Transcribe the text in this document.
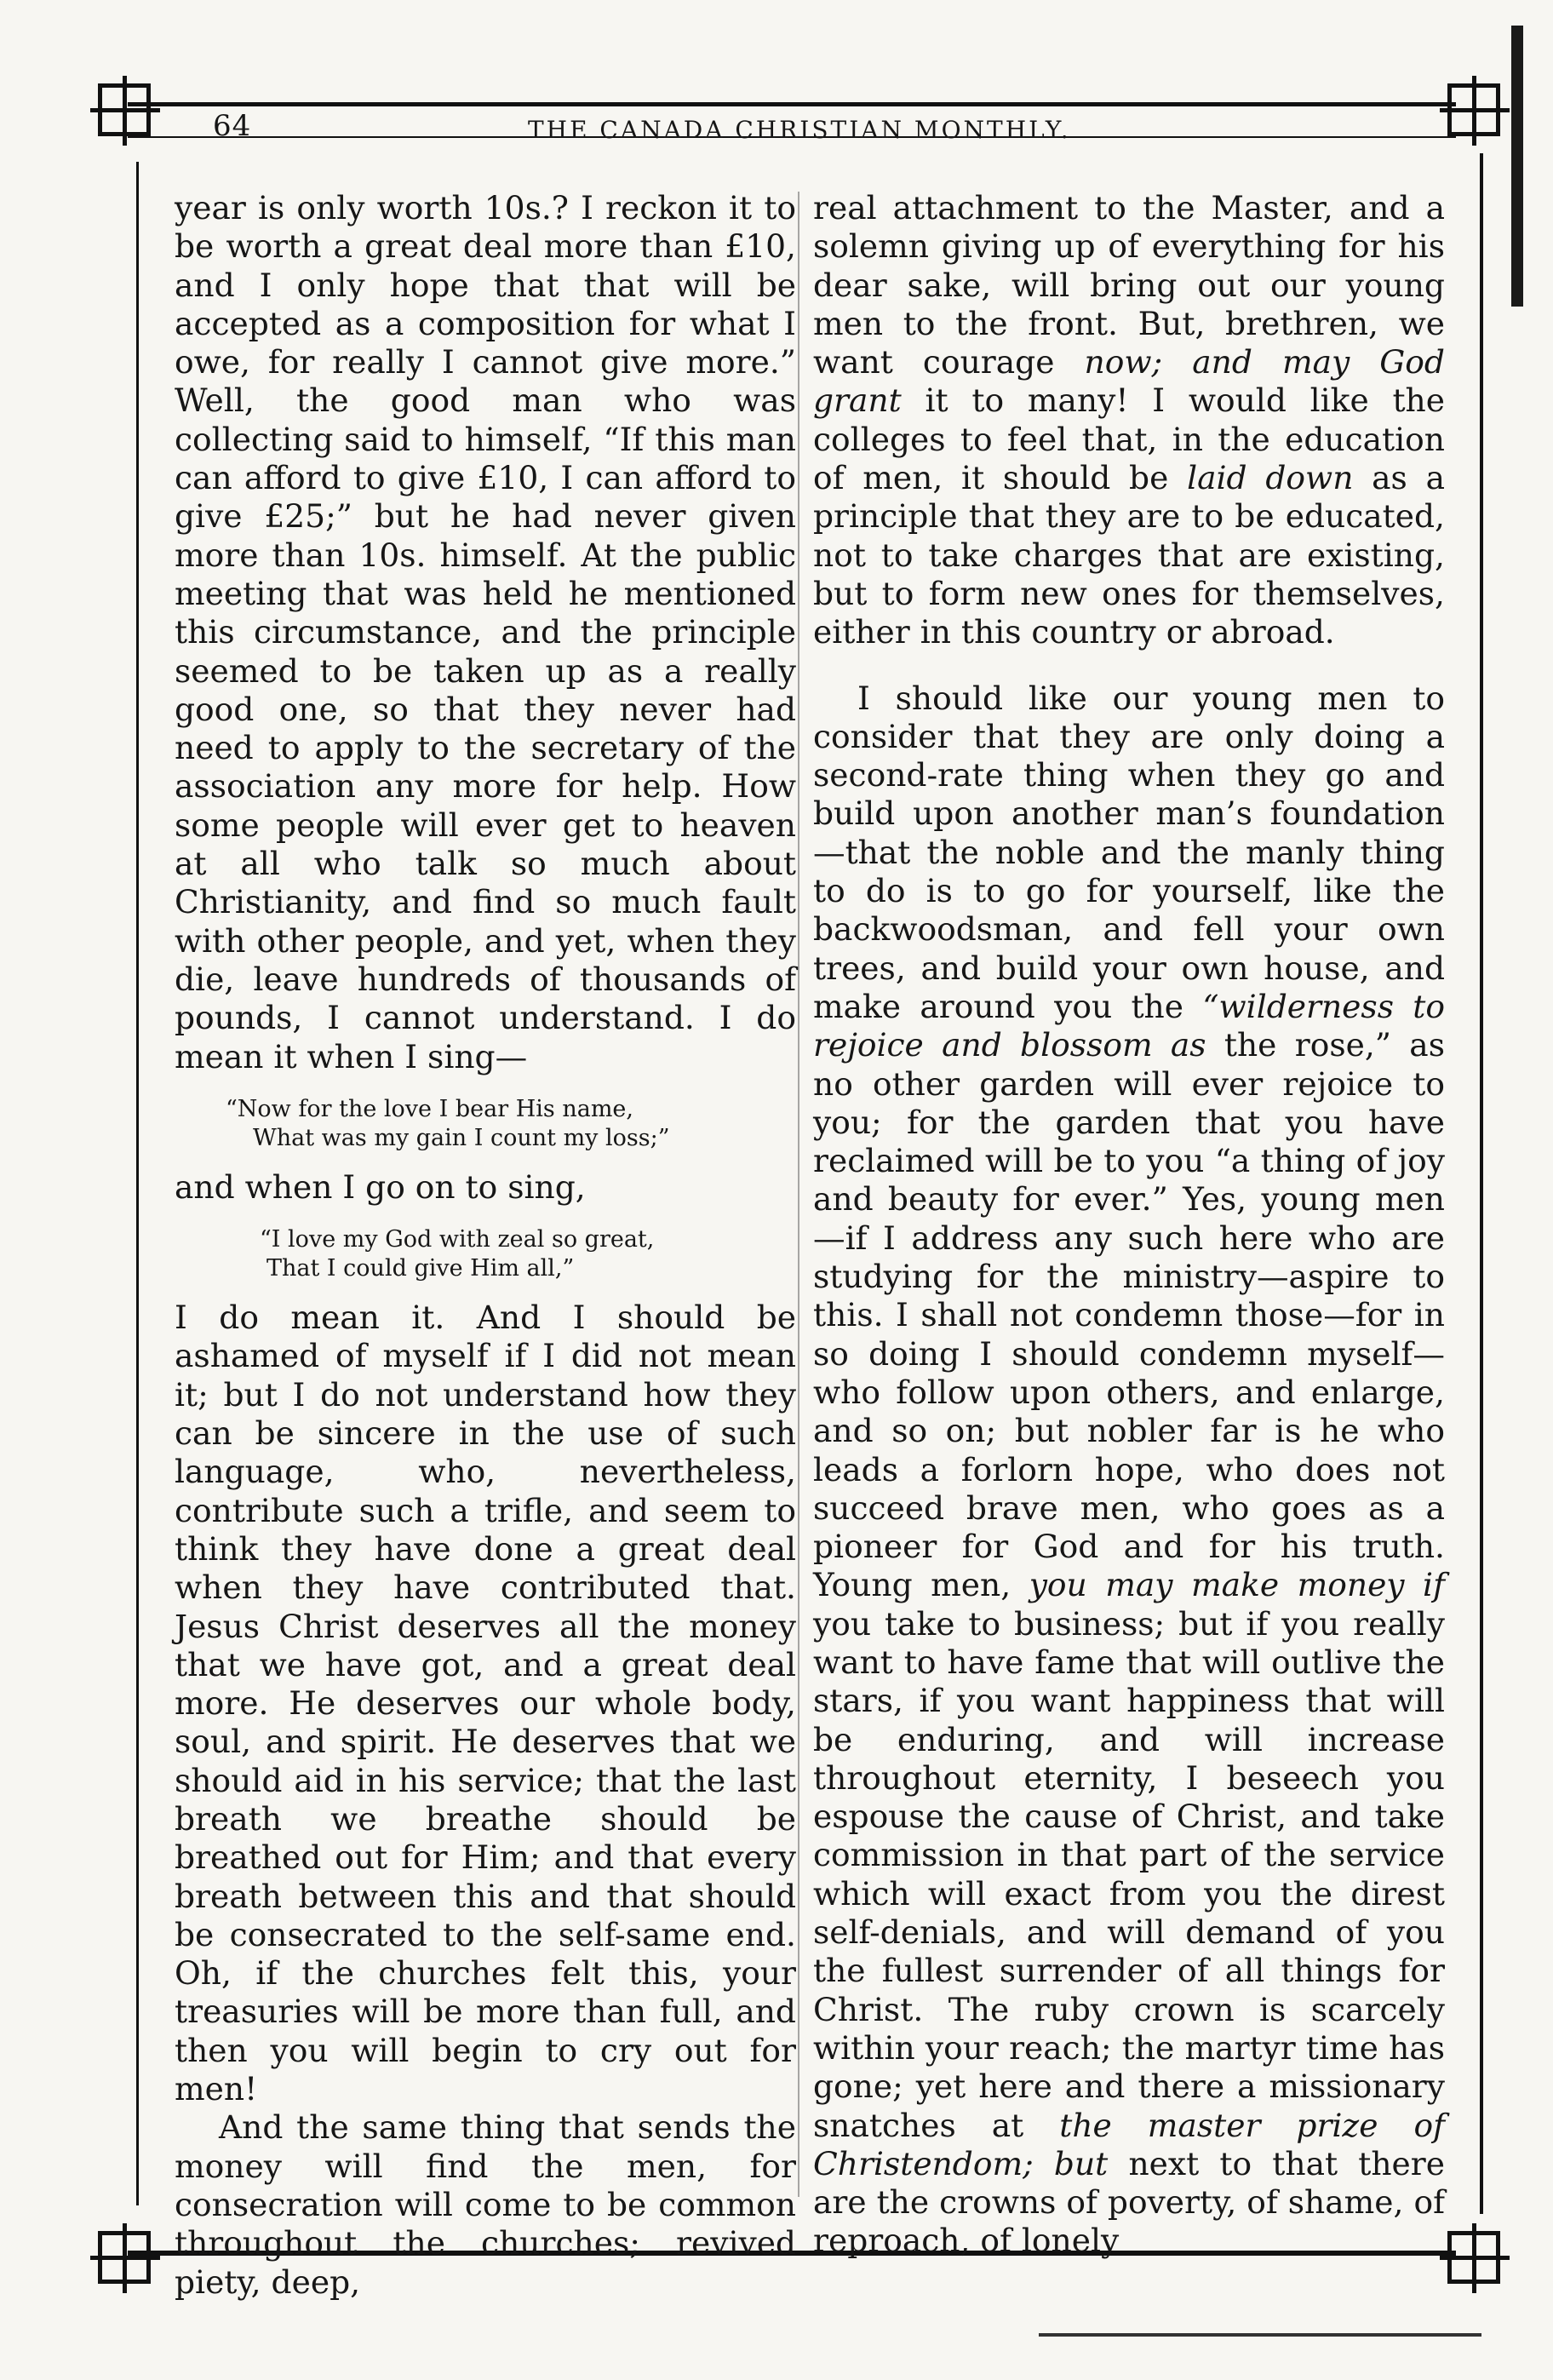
64	THE CANADA CHRISTIAN MONTHLY.

year is only worth 10s.? I reckon it to be worth a great deal more than £10, and I only hope that that will be accepted as a composition for what I owe, for really I cannot give more.” Well, the good man who was collecting said to himself, “If this man can afford to give £10, I can afford to give £25;” but he had never given more than 10s. himself. At the public meeting that was held he mentioned this circumstance, and the principle seemed to be taken up as a really good one, so that they never had need to apply to the secretary of the association any more for help. How some people will ever get to heaven at all who talk so much about Christianity, and find so much fault with other people, and yet, when they die, leave hundreds of thousands of pounds, I cannot understand. I do mean it when I sing—

“Now for the love I bear His name,
What was my gain I count my loss;”

and when I go on to sing,

“I love my God with zeal so great,
That I could give Him all,”

I do mean it. And I should be ashamed of myself if I did not mean it; but I do not understand how they can be sincere in the use of such language, who, nevertheless, contribute such a trifle, and seem to think they have done a great deal when they have contributed that. Jesus Christ deserves all the money that we have got, and a great deal more. He deserves our whole body, soul, and spirit. He deserves that we should aid in his service; that the last breath we breathe should be breathed out for Him; and that every breath between this and that should be consecrated to the self-same end. Oh, if the churches felt this, your treasuries will be more than full, and then you will begin to cry out for men!

And the same thing that sends the money will find the men, for consecration will come to be common throughout the churches; revived piety, deep,

real attachment to the Master, and a solemn giving up of everything for his dear sake, will bring out our young men to the front. But, brethren, we want courage now; and may God grant it to many! I would like the colleges to feel that, in the education of men, it should be laid down as a principle that they are to be educated, not to take charges that are existing, but to form new ones for themselves, either in this country or abroad.

I should like our young men to consider that they are only doing a second-rate thing when they go and build upon another man’s foundation—that the noble and the manly thing to do is to go for yourself, like the backwoodsman, and fell your own trees, and build your own house, and make around you the “wilderness to rejoice and blossom as the rose,” as no other garden will ever rejoice to you; for the garden that you have reclaimed will be to you “a thing of joy and beauty for ever.” Yes, young men—if I address any such here who are studying for the ministry—aspire to this. I shall not condemn those—for in so doing I should condemn myself—who follow upon others, and enlarge, and so on; but nobler far is he who leads a forlorn hope, who does not succeed brave men, who goes as a pioneer for God and for his truth. Young men, you may make money if you take to business; but if you really want to have fame that will outlive the stars, if you want happiness that will be enduring, and will increase throughout eternity, I beseech you espouse the cause of Christ, and take commission in that part of the service which will exact from you the direst self-denials, and will demand of you the fullest surrender of all things for Christ. The ruby crown is scarcely within your reach; the martyr time has gone; yet here and there a missionary snatches at the master prize of Christendom; but next to that there are the crowns of poverty, of shame, of reproach, of lonely
